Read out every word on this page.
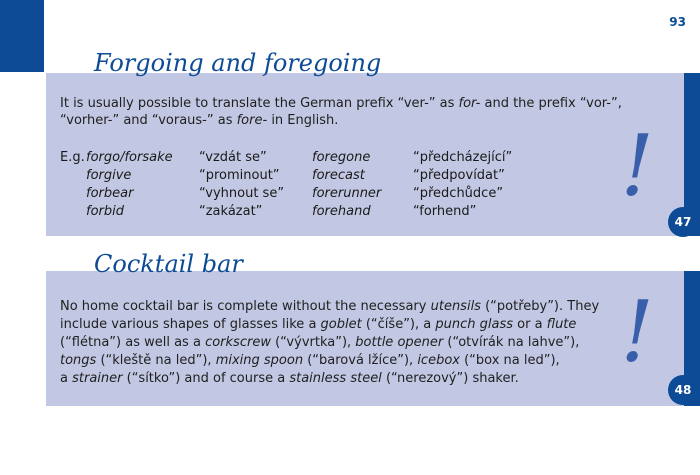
93
47
!
Forgoing and foregoing
It is usually possible to translate the German prefix “ver-” as for- and the prefix “vor-”,
“vorher-” and “voraus-” as fore- in English.
E.g. forgo/forsake
forgive
forbear
forbid
“vzdát se”
“prominout”
“vyhnout se”
“zakázat”
foregone
forecast
forerunner
forehand
“předcházející”
“předpovídat”
“předchůdce”
“forhend”
48
!
Cocktail bar
No home cocktail bar is complete without the necessary utensils (“potřeby”). They
include various shapes of glasses like a goblet (“číše”), a punch glass or a flute
(“flétna”) as well as a corkscrew (“vývrtka”), bottle opener (“otvírák na lahve”),
tongs (“kleště na led”), mixing spoon (“barová lžíce”), icebox (“box na led”),
a strainer (“sítko”) and of course a stainless steel (“nerezový”) shaker.
